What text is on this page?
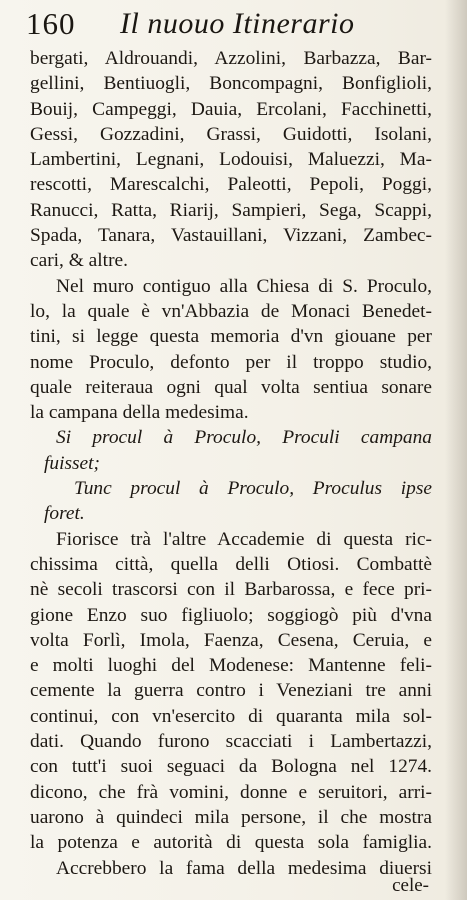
160 Il nuouo Itinerario
bergati, Aldrouandi, Azzolini, Barbazza, Bar-
gellini, Bentiuogli, Boncompagni, Bonfiglioli,
Bouij, Campeggi, Dauia, Ercolani, Facchinetti,
Gessi, Gozzadini, Grassi, Guidotti, Isolani,
Lambertini, Legnani, Lodouisi, Maluezzi, Ma-
rescotti, Marescalchi, Paleotti, Pepoli, Poggi,
Ranucci, Ratta, Riarij, Sampieri, Sega, Scappi,
Spada, Tanara, Vastauillani, Vizzani, Zambec-
cari, & altre.
Nel muro contiguo alla Chiesa di S. Proculo,
lo, la quale è vn'Abbazia de Monaci Benedet-
tini, si legge questa memoria d'vn giouane per
nome Proculo, defonto per il troppo studio,
quale reiteraua ogni qual volta sentiua sonare
la campana della medesima.
Si procul à Proculo, Proculi campana
fuisset;
Tunc procul à Proculo, Proculus ipse
foret.
Fiorisce trà l'altre Accademie di questa ric-
chissima città, quella delli Otiosi. Combattè
nè secoli trascorsi con il Barbarossa, e fece pri-
gione Enzo suo figliuolo; soggiogò più d'vna
volta Forlì, Imola, Faenza, Cesena, Ceruia, e
e molti luoghi del Modenese: Mantenne feli-
cemente la guerra contro i Veneziani tre anni
continui, con vn'esercito di quaranta mila sol-
dati. Quando furono scacciati i Lambertazzi,
con tutt'i suoi seguaci da Bologna nel 1274.
dicono, che frà vomini, donne e seruitori, arri-
uarono à quindeci mila persone, il che mostra
la potenza e autorità di questa sola famiglia.
Accrebbero la fama della medesima diuersi
cele-
